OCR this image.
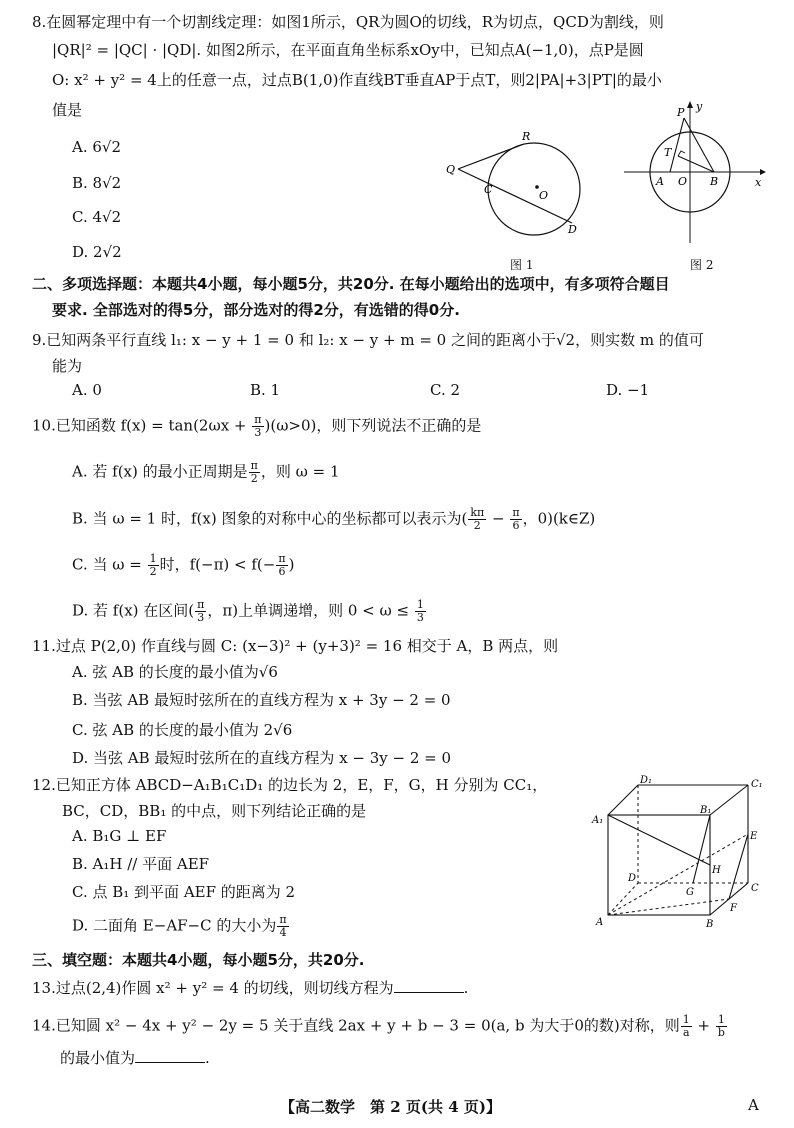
8.在圆幂定理中有一个切割线定理：如图1所示，QR为圆O的切线，R为切点，QCD为割线，则
|QR|² = |QC| · |QD|. 如图2所示，在平面直角坐标系xOy中，已知点A(−1,0)，点P是圆
O: x² + y² = 4上的任意一点，过点B(1,0)作直线BT垂直AP于点T，则2|PA|+3|PT|的最小
值是
A. 6√2
B. 8√2
C. 4√2
D. 2√2
Q
R
C	O
D
图 1
P
T
A O B	x
y
图 2
二、多项选择题：本题共4小题，每小题5分，共20分. 在每小题给出的选项中，有多项符合题目
要求. 全部选对的得5分，部分选对的得2分，有选错的得0分.
9.已知两条平行直线 l₁: x − y + 1 = 0 和 l₂: x − y + m = 0 之间的距离小于√2，则实数 m 的值可
能为
A. 0	B. 1	C. 2	D. −1
10.已知函数 $f(x) = \tan(2\omega x + \frac{\pi}{3} )(\omega>0)$，则下列说法不正确的是
A. 若 f(x) 的最小正周期是 $\frac{\pi}{2}$ ，则 ω = 1
B. 当 ω = 1 时，f(x) 图象的对称中心的坐标都可以表示为( $\frac{k\pi}{2} - \frac{\pi}{6}$ ，0)(k∈Z)
C. 当 $\omega = \frac{1}{2}$ 时，$f(-\pi) < f(- \frac{\pi}{6}$ )
D. 若 f(x) 在区间( $\frac{\pi}{3}$ ，π)上单调递增，则 $0 < \omega \le \frac{1}{3}$
11.过点 P(2,0) 作直线与圆 C: (x−3)² + (y+3)² = 16 相交于 A，B 两点，则
A. 弦 AB 的长度的最小值为√6
B. 当弦 AB 最短时弦所在的直线方程为 x + 3y − 2 = 0
C. 弦 AB 的长度的最小值为 2√6
D. 当弦 AB 最短时弦所在的直线方程为 x − 3y − 2 = 0
12.已知正方体 ABCD−A₁B₁C₁D₁ 的边长为 2，E，F，G，H 分别为 CC₁，
BC，CD，BB₁ 的中点，则下列结论正确的是
A. B₁G ⊥ EF
B. A₁H // 平面 AEF
C. 点 B₁ 到平面 AEF 的距离为 2
D. 二面角 E−AF−C 的大小为 $\frac{\pi}{4}$
D₁	C₁
A₁
B₁
E
H
D
G	C
F
A	B
三、填空题：本题共4小题，每小题5分，共20分.
13.过点(2,4)作圆 x² + y² = 4 的切线，则切线方程为	.
14.已知圆 x² − 4x + y² − 2y = 5 关于直线 2ax + y + b − 3 = 0(a, b 为大于0的数)对称，则 $\frac{1}{a} + \frac{1}{b}$
的最小值为	.
【高二数学　第 2 页(共 4 页)】	A
